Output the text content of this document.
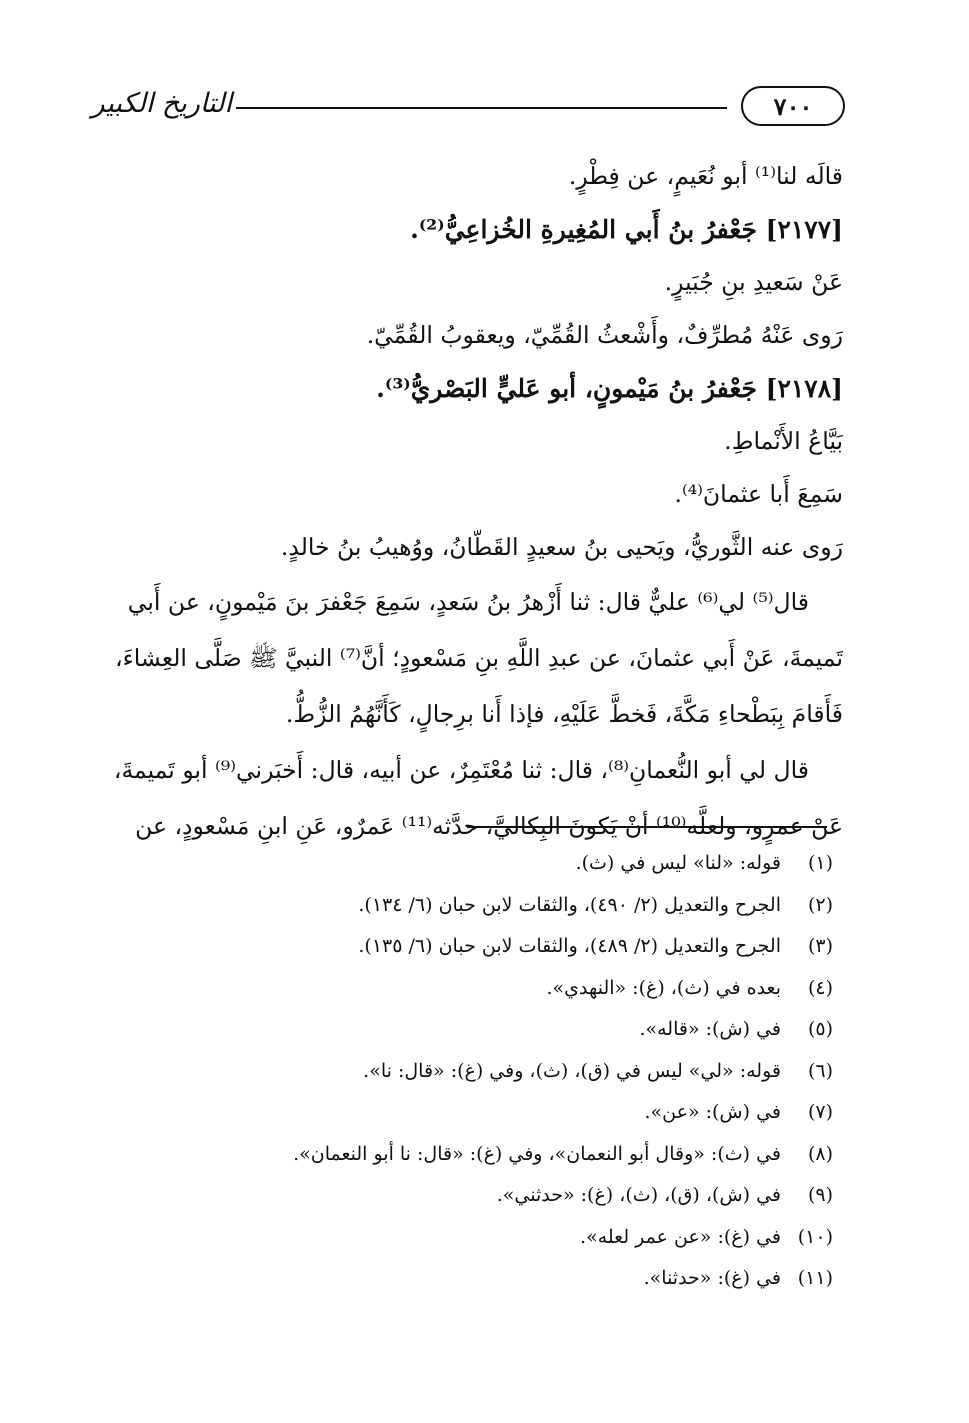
٧٠٠
التاريخ الكبير
قالَه لنا⁽¹⁾ أبو نُعَيمٍ، عن فِطْرٍ.
[٢١٧٧] جَعْفرُ بنُ أَبي المُغِيرةِ الخُزاعِيُّ⁽²⁾.
عَنْ سَعيدِ بنِ جُبَيرٍ.
رَوى عَنْهُ مُطرِّفٌ، وأَشْعثُ القُمِّيّ، ويعقوبُ القُمِّيّ.
[٢١٧٨] جَعْفرُ بنُ مَيْمونٍ، أبو عَليٍّ البَصْريُّ⁽³⁾.
بَيَّاعُ الأَنْماطِ.
سَمِعَ أَبا عثمانَ⁽⁴⁾.
رَوى عنه الثَّوريُّ، ويَحيى بنُ سعيدٍ القَطّانُ، ووُهيبُ بنُ خالدٍ.
قال⁽⁵⁾ لي⁽⁶⁾ عليٌّ قال: ثنا أَزْهرُ بنُ سَعدٍ، سَمِعَ جَعْفرَ بنَ مَيْمونٍ، عن أَبي
تَميمةَ، عَنْ أَبي عثمانَ، عن عبدِ اللَّهِ بنِ مَسْعودٍ؛ أنَّ⁽⁷⁾ النبيَّ ﷺ صَلَّى العِشاءَ،
فَأَقامَ بِبَطْحاءِ مَكَّةَ، فَخطَّ عَلَيْهِ، فإذا أَنا برِجالٍ، كَأَنَّهُمُ الزُّطُّ.
قال لي أبو النُّعمانِ⁽⁸⁾، قال: ثنا مُعْتَمِرٌ، عن أبيه، قال: أَخبَرني⁽⁹⁾ أبو تَميمةَ،
عَنْ عمرٍو، ولعلَّه⁽¹⁰⁾ أنْ يَكونَ البِكاليَّ، حدَّثه⁽¹¹⁾ عَمرٌو، عَنِ ابنِ مَسْعودٍ، عن
(١)قوله: «لنا» ليس في (ث).
(٢)الجرح والتعديل (٢/ ٤٩٠)، والثقات لابن حبان (٦/ ١٣٤).
(٣)الجرح والتعديل (٢/ ٤٨٩)، والثقات لابن حبان (٦/ ١٣٥).
(٤)بعده في (ث)، (غ): «النهدي».
(٥)في (ش): «قاله».
(٦)قوله: «لي» ليس في (ق)، (ث)، وفي (غ): «قال: نا».
(٧)في (ش): «عن».
(٨)في (ث): «وقال أبو النعمان»، وفي (غ): «قال: نا أبو النعمان».
(٩)في (ش)، (ق)، (ث)، (غ): «حدثني».
(١٠)في (غ): «عن عمر لعله».
(١١)في (غ): «حدثنا».
